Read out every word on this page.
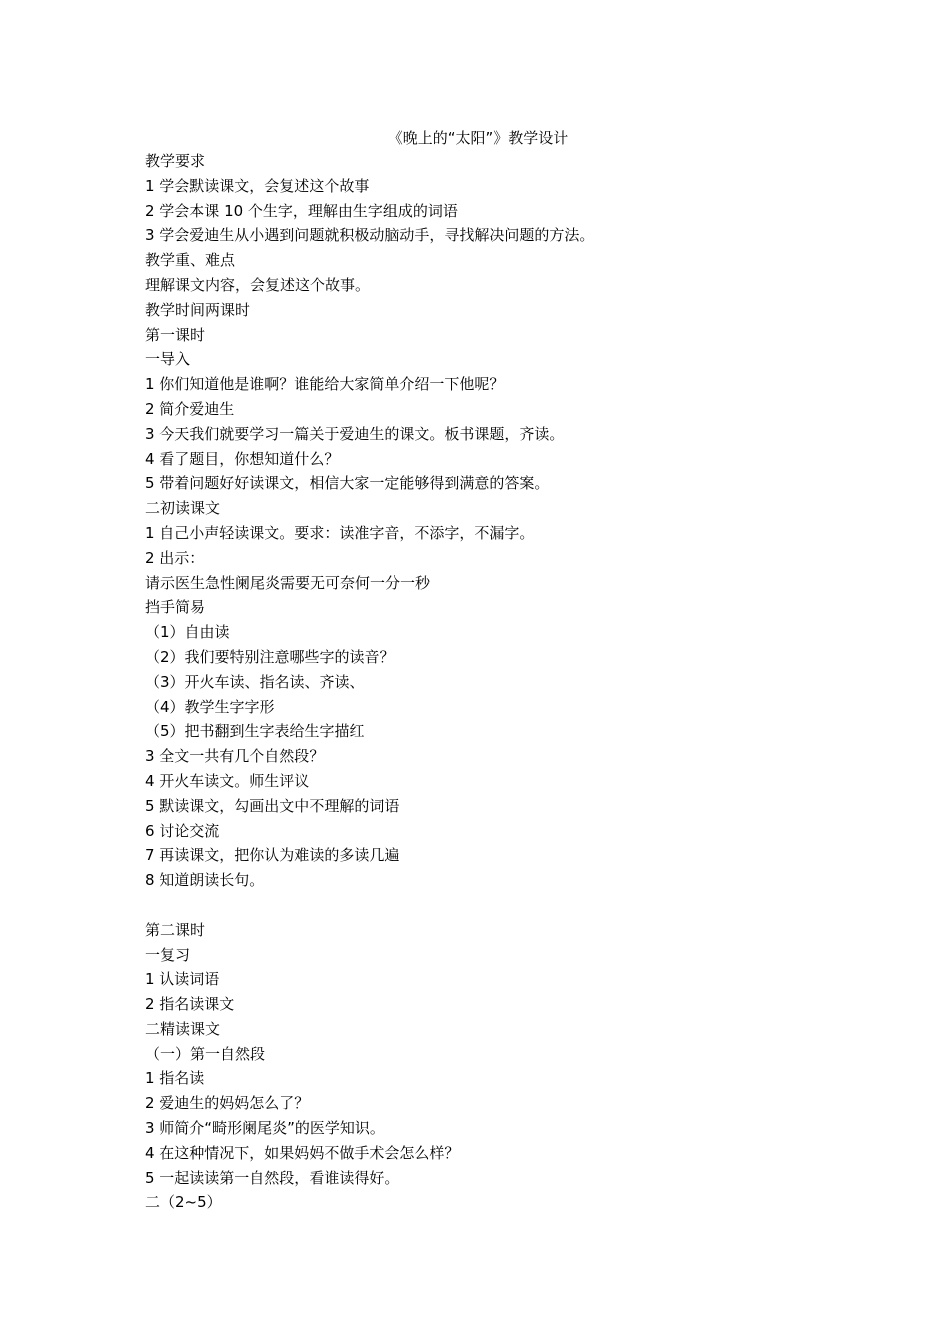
《晚上的“太阳”》教学设计
教学要求
1 学会默读课文，会复述这个故事
2 学会本课 10 个生字，理解由生字组成的词语
3 学会爱迪生从小遇到问题就积极动脑动手，寻找解决问题的方法。
教学重、难点
理解课文内容，会复述这个故事。
教学时间两课时
第一课时
一导入
1 你们知道他是谁啊？谁能给大家简单介绍一下他呢？
2 简介爱迪生
3 今天我们就要学习一篇关于爱迪生的课文。板书课题，齐读。
4 看了题目，你想知道什么？
5 带着问题好好读课文，相信大家一定能够得到满意的答案。
二初读课文
1 自己小声轻读课文。要求：读准字音，不添字，不漏字。
2 出示：
请示医生急性阑尾炎需要无可奈何一分一秒
挡手简易
（1）自由读
（2）我们要特别注意哪些字的读音？
（3）开火车读、指名读、齐读、
（4）教学生字字形
（5）把书翻到生字表给生字描红
3 全文一共有几个自然段？
4 开火车读文。师生评议
5 默读课文，勾画出文中不理解的词语
6 讨论交流
7 再读课文，把你认为难读的多读几遍
8 知道朗读长句。
第二课时
一复习
1 认读词语
2 指名读课文
二精读课文
（一）第一自然段
1 指名读
2 爱迪生的妈妈怎么了？
3 师简介“畸形阑尾炎”的医学知识。
4 在这种情况下，如果妈妈不做手术会怎么样？
5 一起读读第一自然段，看谁读得好。
二（2~5）
